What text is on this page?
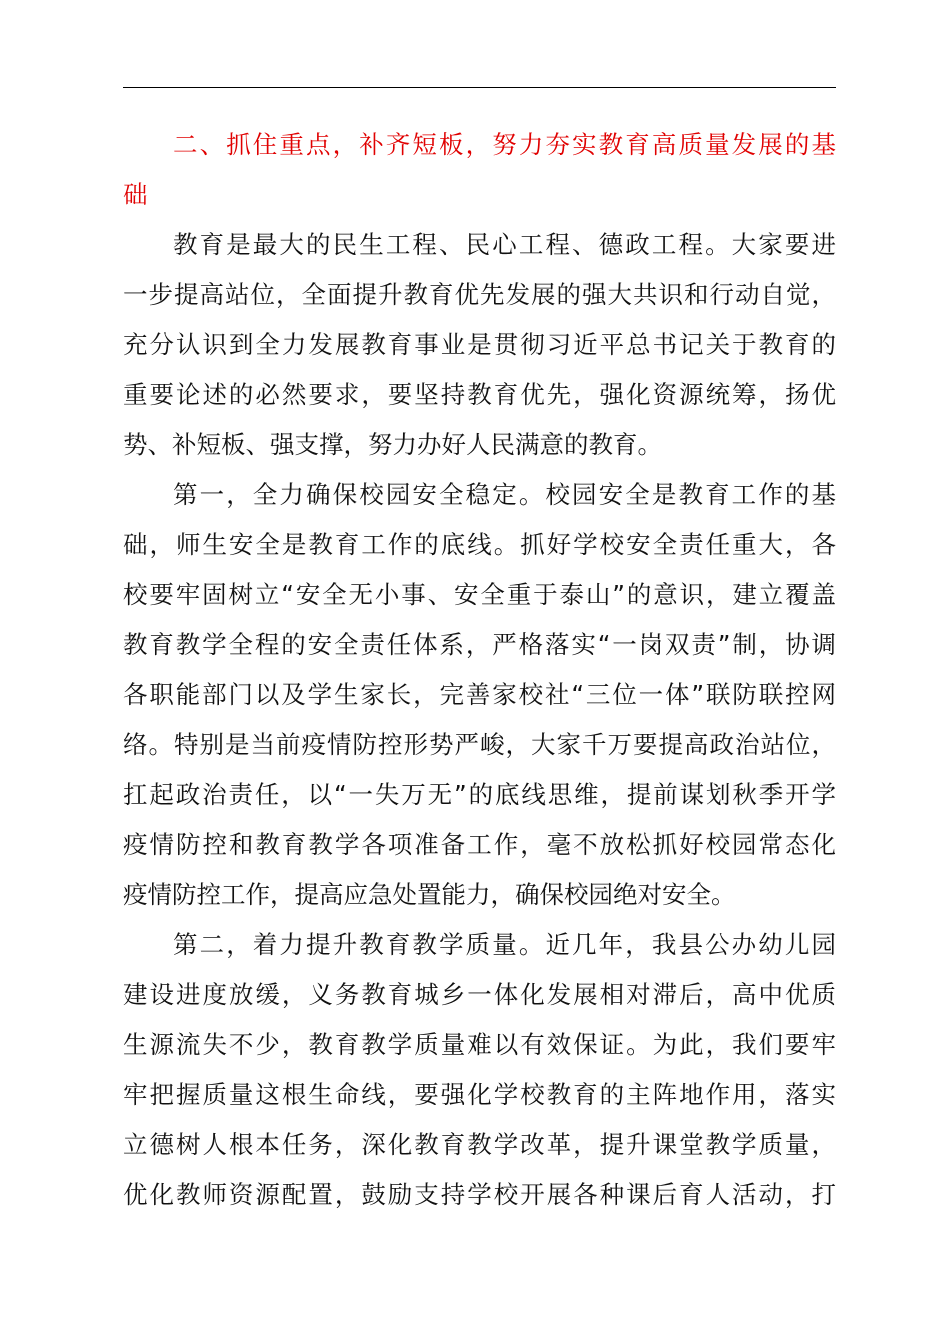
二、抓住重点，补齐短板，努力夯实教育高质量发展的基
础
教育是最大的民生工程、民心工程、德政工程。大家要进
一步提高站位，全面提升教育优先发展的强大共识和行动自觉，
充分认识到全力发展教育事业是贯彻习近平总书记关于教育的
重要论述的必然要求，要坚持教育优先，强化资源统筹，扬优
势、补短板、强支撑，努力办好人民满意的教育。
第一，全力确保校园安全稳定。校园安全是教育工作的基
础，师生安全是教育工作的底线。抓好学校安全责任重大，各
校要牢固树立“安全无小事、安全重于泰山”的意识，建立覆盖
教育教学全程的安全责任体系，严格落实“一岗双责”制，协调
各职能部门以及学生家长，完善家校社“三位一体”联防联控网
络。特别是当前疫情防控形势严峻，大家千万要提高政治站位，
扛起政治责任，以“一失万无”的底线思维，提前谋划秋季开学
疫情防控和教育教学各项准备工作，毫不放松抓好校园常态化
疫情防控工作，提高应急处置能力，确保校园绝对安全。
第二，着力提升教育教学质量。近几年，我县公办幼儿园
建设进度放缓，义务教育城乡一体化发展相对滞后，高中优质
生源流失不少，教育教学质量难以有效保证。为此，我们要牢
牢把握质量这根生命线，要强化学校教育的主阵地作用，落实
立德树人根本任务，深化教育教学改革，提升课堂教学质量，
优化教师资源配置，鼓励支持学校开展各种课后育人活动，打
